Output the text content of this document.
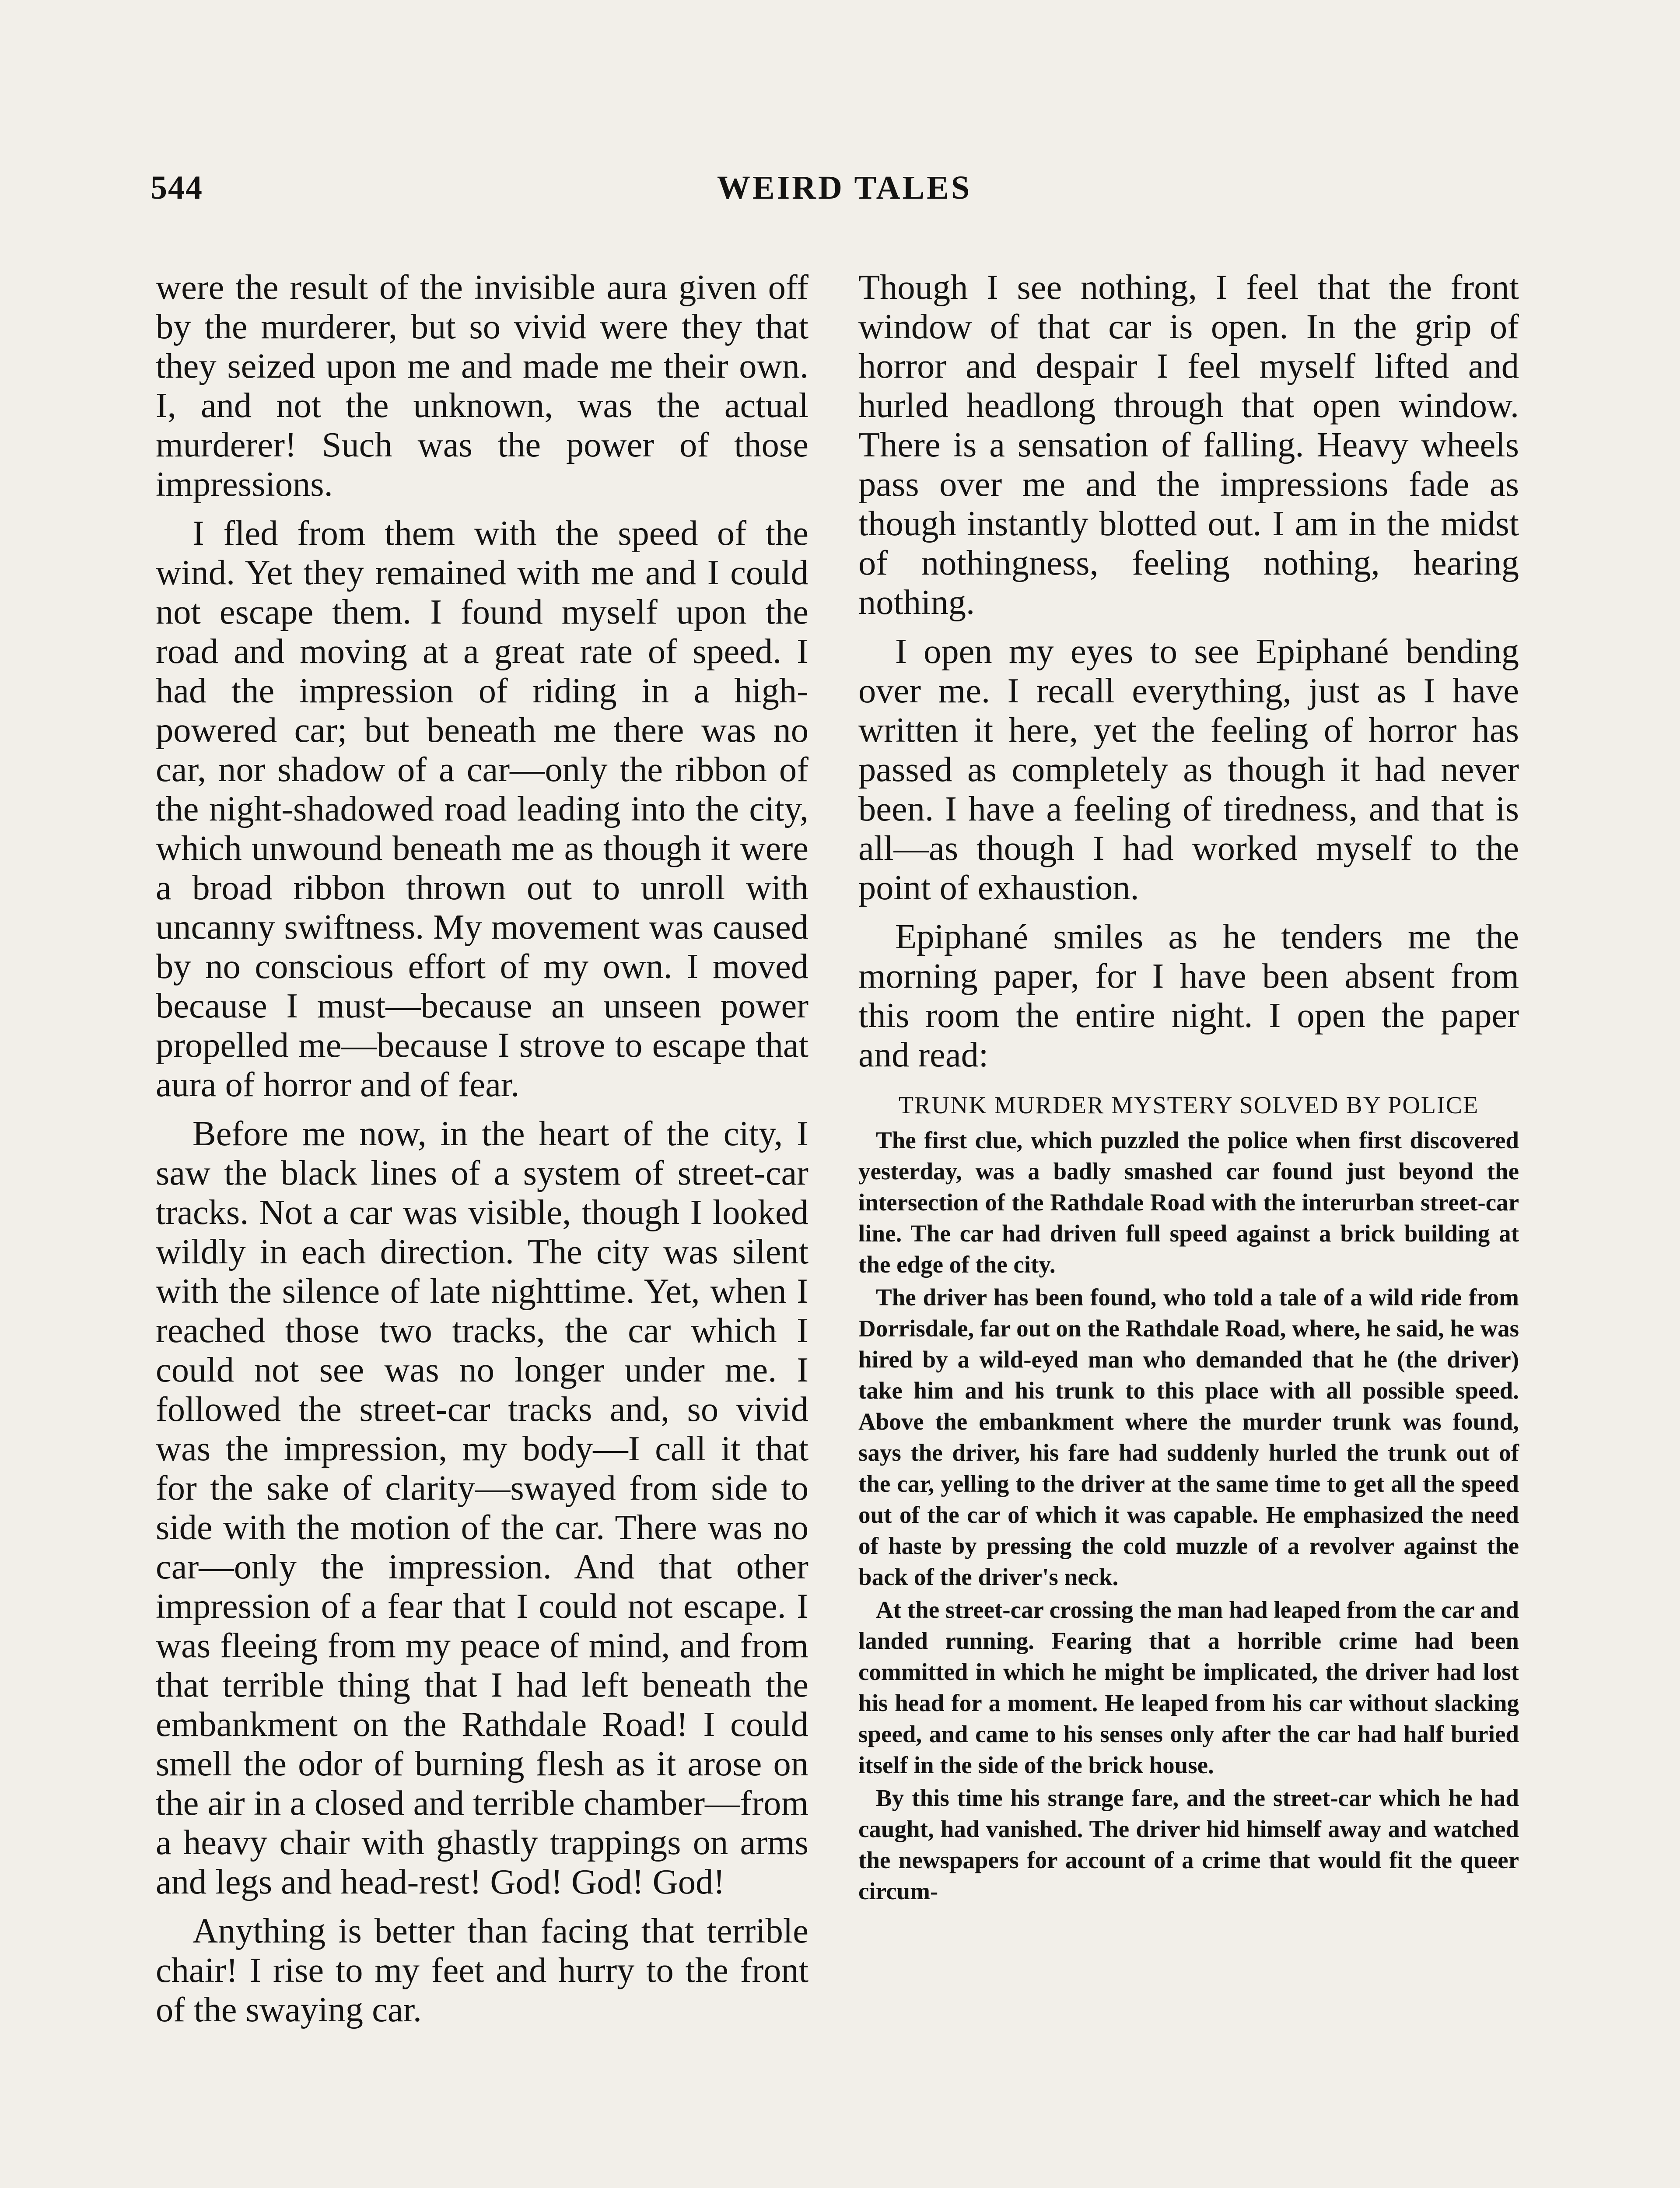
544	WEIRD TALES

were the result of the invisible aura given off by the murderer, but so vivid were they that they seized upon me and made me their own. I, and not the unknown, was the actual murderer! Such was the power of those impressions.

I fled from them with the speed of the wind. Yet they remained with me and I could not escape them. I found myself upon the road and moving at a great rate of speed. I had the impression of riding in a high-powered car; but beneath me there was no car, nor shadow of a car—only the ribbon of the night-shadowed road leading into the city, which unwound beneath me as though it were a broad ribbon thrown out to unroll with uncanny swiftness. My movement was caused by no conscious effort of my own. I moved because I must—because an unseen power propelled me—because I strove to escape that aura of horror and of fear.

Before me now, in the heart of the city, I saw the black lines of a system of street-car tracks. Not a car was visible, though I looked wildly in each direction. The city was silent with the silence of late nighttime. Yet, when I reached those two tracks, the car which I could not see was no longer under me. I followed the street-car tracks and, so vivid was the impression, my body—I call it that for the sake of clarity—swayed from side to side with the motion of the car. There was no car—only the impression. And that other impression of a fear that I could not escape. I was fleeing from my peace of mind, and from that terrible thing that I had left beneath the embankment on the Rathdale Road! I could smell the odor of burning flesh as it arose on the air in a closed and terrible chamber—from a heavy chair with ghastly trappings on arms and legs and head-rest! God! God! God!

Anything is better than facing that terrible chair! I rise to my feet and hurry to the front of the swaying car.

Though I see nothing, I feel that the front window of that car is open. In the grip of horror and despair I feel myself lifted and hurled headlong through that open window. There is a sensation of falling. Heavy wheels pass over me and the impressions fade as though instantly blotted out. I am in the midst of nothingness, feeling nothing, hearing nothing.

I open my eyes to see Epiphané bending over me. I recall everything, just as I have written it here, yet the feeling of horror has passed as completely as though it had never been. I have a feeling of tiredness, and that is all—as though I had worked myself to the point of exhaustion.

Epiphané smiles as he tenders me the morning paper, for I have been absent from this room the entire night. I open the paper and read:

TRUNK MURDER MYSTERY SOLVED BY POLICE

The first clue, which puzzled the police when first discovered yesterday, was a badly smashed car found just beyond the intersection of the Rathdale Road with the interurban street-car line. The car had driven full speed against a brick building at the edge of the city.

The driver has been found, who told a tale of a wild ride from Dorrisdale, far out on the Rathdale Road, where, he said, he was hired by a wild-eyed man who demanded that he (the driver) take him and his trunk to this place with all possible speed. Above the embankment where the murder trunk was found, says the driver, his fare had suddenly hurled the trunk out of the car, yelling to the driver at the same time to get all the speed out of the car of which it was capable. He emphasized the need of haste by pressing the cold muzzle of a revolver against the back of the driver's neck.

At the street-car crossing the man had leaped from the car and landed running. Fearing that a horrible crime had been committed in which he might be implicated, the driver had lost his head for a moment. He leaped from his car without slacking speed, and came to his senses only after the car had half buried itself in the side of the brick house.

By this time his strange fare, and the street-car which he had caught, had vanished. The driver hid himself away and watched the newspapers for account of a crime that would fit the queer circum-
